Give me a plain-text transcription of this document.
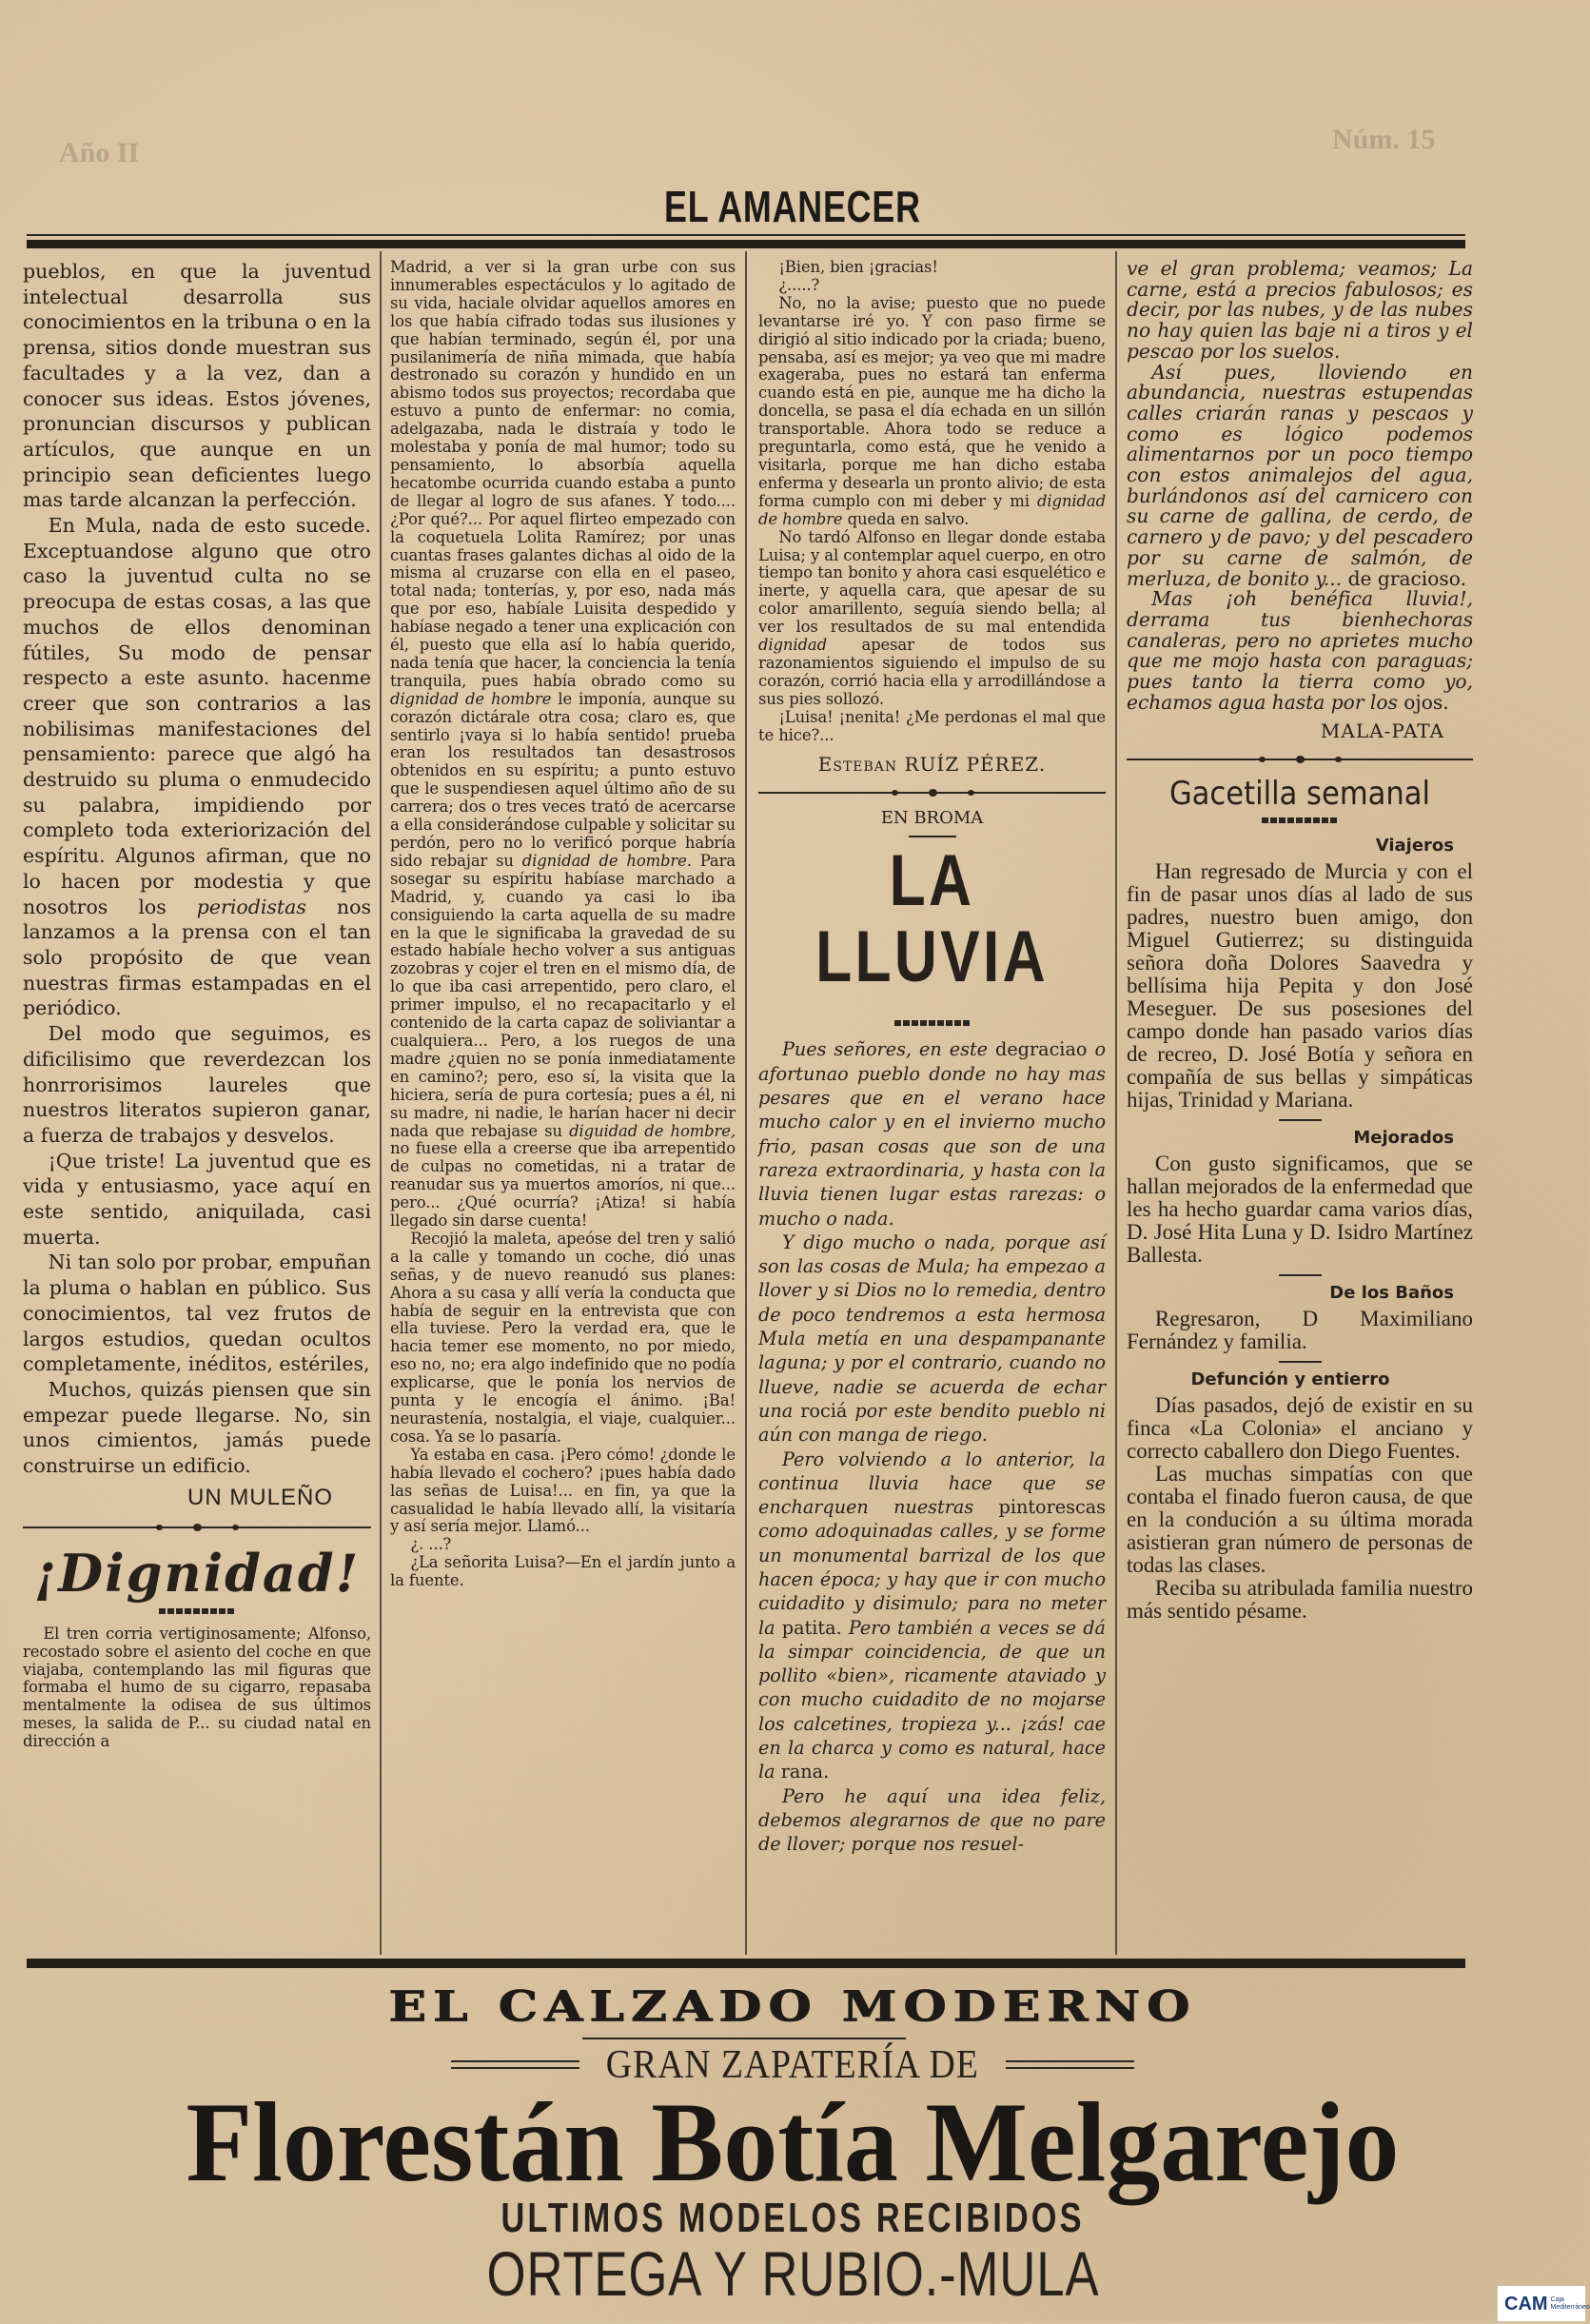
Año II	Núm. 15
EL AMANECER

pueblos, en que la juventud intelectual desarrolla sus conocimientos en la tribuna o en la prensa, sitios donde muestran sus facultades y a la vez, dan a conocer sus ideas. Estos jóvenes, pronuncian discursos y publican artículos, que aunque en un principio sean deficientes luego mas tarde alcanzan la perfección.

En Mula, nada de esto sucede. Exceptuandose alguno que otro caso la juventud culta no se preocupa de estas cosas, a las que muchos de ellos denominan fútiles, Su modo de pensar respecto a este asunto. hacenme creer que son contrarios a las nobilisimas manifestaciones del pensamiento: parece que algó ha destruido su pluma o enmudecido su palabra, impidiendo por completo toda exteriorización del espíritu. Algunos afirman, que no lo hacen por modestia y que nosotros los periodistas nos lanzamos a la prensa con el tan solo propósito de que vean nuestras firmas estampadas en el periódico.

Del modo que seguimos, es dificilisimo que reverdezcan los honrrorisimos laureles que nuestros literatos supieron ganar, a fuerza de trabajos y desvelos.

¡Que triste! La juventud que es vida y entusiasmo, yace aquí en este sentido, aniquilada, casi muerta.

Ni tan solo por probar, empuñan la pluma o hablan en público. Sus conocimientos, tal vez frutos de largos estudios, quedan ocultos completamente, inéditos, estériles,

Muchos, quizás piensen que sin empezar puede llegarse. No, sin unos cimientos, jamás puede construirse un edificio.

UN MULEÑO
¡Dignidad!

El tren corria vertiginosamente; Alfonso, recostado sobre el asiento del coche en que viajaba, contemplando las mil figuras que formaba el humo de su cigarro, repasaba mentalmente la odisea de sus últimos meses, la salida de P... su ciudad natal en dirección a

Madrid, a ver si la gran urbe con sus innumerables espectáculos y lo agitado de su vida, haciale olvidar aquellos amores en los que había cifrado todas sus ilusiones y que habían terminado, según él, por una pusilanimería de niña mimada, que había destronado su corazón y hundido en un abismo todos sus proyectos; recordaba que estuvo a punto de enfermar: no comia, adelgazaba, nada le distraía y todo le molestaba y ponía de mal humor; todo su pensamiento, lo absorbía aquella hecatombe ocurrida cuando estaba a punto de llegar al logro de sus afanes. Y todo.... ¿Por qué?... Por aquel flirteo empezado con la coquetuela Lolita Ramírez; por unas cuantas frases galantes dichas al oido de la misma al cruzarse con ella en el paseo, total nada; tonterías, y, por eso, nada más que por eso, habíale Luisita despedido y habíase negado a tener una explicación con él, puesto que ella así lo había querido, nada tenía que hacer, la conciencia la tenía tranquila, pues había obrado como su dignidad de hombre le imponía, aunque su corazón dictárale otra cosa; claro es, que sentirlo ¡vaya si lo había sentido! prueba eran los resultados tan desastrosos obtenidos en su espíritu; a punto estuvo que le suspendiesen aquel último año de su carrera; dos o tres veces trató de acercarse a ella considerándose culpable y solicitar su perdón, pero no lo verificó porque habría sido rebajar su dignidad de hombre. Para sosegar su espíritu habíase marchado a Madrid, y, cuando ya casi lo iba consiguiendo la carta aquella de su madre en la que le significaba la gravedad de su estado habíale hecho volver a sus antiguas zozobras y cojer el tren en el mismo día, de lo que iba casi arrepentido, pero claro, el primer impulso, el no recapacitarlo y el contenido de la carta capaz de soliviantar a cualquiera... Pero, a los ruegos de una madre ¿quien no se ponía inmediatamente en camino?; pero, eso sí, la visita que la hiciera, sería de pura cortesía; pues a él, ni su madre, ni nadie, le harían hacer ni decir nada que rebajase su diguidad de hombre, no fuese ella a creerse que iba arrepentido de culpas no cometidas, ni a tratar de reanudar sus ya muertos amoríos, ni que... pero... ¿Qué ocurría? ¡Atiza! si había llegado sin darse cuenta!

Recojió la maleta, apeóse del tren y salió a la calle y tomando un coche, dió unas señas, y de nuevo reanudó sus planes: Ahora a su casa y allí vería la conducta que había de seguir en la entrevista que con ella tuviese. Pero la verdad era, que le hacia temer ese momento, no por miedo, eso no, no; era algo indefinido que no podía explicarse, que le ponía los nervios de punta y le encogía el ánimo. ¡Ba! neurastenía, nostalgia, el viaje, cualquier... cosa. Ya se lo pasaría.

Ya estaba en casa. ¡Pero cómo! ¿donde le había llevado el cochero? ¡pues había dado las señas de Luisa!... en fin, ya que la casualidad le había llevado allí, la visitaría y así sería mejor. Llamó...

¿. ...?

¿La señorita Luisa?—En el jardín junto a la fuente.

¡Bien, bien ¡gracias!

¿.....?

No, no la avise; puesto que no puede levantarse iré yo. Y con paso firme se dirigió al sitio indicado por la criada; bueno, pensaba, así es mejor; ya veo que mi madre exageraba, pues no estará tan enferma cuando está en pie, aunque me ha dicho la doncella, se pasa el día echada en un sillón transportable. Ahora todo se reduce a preguntarla, como está, que he venido a visitarla, porque me han dicho estaba enferma y desearla un pronto alivio; de esta forma cumplo con mi deber y mi dignidad de hombre queda en salvo.

No tardó Alfonso en llegar donde estaba Luisa; y al contemplar aquel cuerpo, en otro tiempo tan bonito y ahora casi esquelético e inerte, y aquella cara, que apesar de su color amarillento, seguía siendo bella; al ver los resultados de su mal entendida dignidad apesar de todos sus razonamientos siguiendo el impulso de su corazón, corrió hacia ella y arrodillándose a sus pies sollozó.

¡Luisa! ¡nenita! ¿Me perdonas el mal que te hice?...

Esteban RUÍZ PÉREZ.
EN BROMA
LA LLUVIA

Pues señores, en este degraciao o afortunao pueblo donde no hay mas pesares que en el verano hace mucho calor y en el invierno mucho frio, pasan cosas que son de una rareza extraordinaria, y hasta con la lluvia tienen lugar estas rarezas: o mucho o nada.

Y digo mucho o nada, porque así son las cosas de Mula; ha empezao a llover y si Dios no lo remedia, dentro de poco tendremos a esta hermosa Mula metía en una despampanante laguna; y por el contrario, cuando no llueve, nadie se acuerda de echar una rociá por este bendito pueblo ni aún con manga de riego.

Pero volviendo a lo anterior, la continua lluvia hace que se encharquen nuestras pintorescas como adoquinadas calles, y se forme un monumental barrizal de los que hacen época; y hay que ir con mucho cuidadito y disimulo; para no meter la patita. Pero también a veces se dá la simpar coincidencia, de que un pollito «bien», ricamente ataviado y con mucho cuidadito de no mojarse los calcetines, tropieza y... ¡zás! cae en la charca y como es natural, hace la rana.

Pero he aquí una idea feliz, debemos alegrarnos de que no pare de llover; porque nos resuel-

ve el gran problema; veamos; La carne, está a precios fabulosos; es decir, por las nubes, y de las nubes no hay quien las baje ni a tiros y el pescao por los suelos.

Así pues, lloviendo en abundancia, nuestras estupendas calles criarán ranas y pescaos y como es lógico podemos alimentarnos por un poco tiempo con estos animalejos del agua, burlándonos así del carnicero con su carne de gallina, de cerdo, de carnero y de pavo; y del pescadero por su carne de salmón, de merluza, de bonito y... de gracioso.

Mas ¡oh benéfica lluvia!, derrama tus bienhechoras canaleras, pero no aprietes mucho que me mojo hasta con paraguas; pues tanto la tierra como yo, echamos agua hasta por los ojos.

MALA-PATA
Gacetilla semanal
Viajeros

Han regresado de Murcia y con el fin de pasar unos días al lado de sus padres, nuestro buen amigo, don Miguel Gutierrez; su distinguida señora doña Dolores Saavedra y bellísima hija Pepita y don José Meseguer. De sus posesiones del campo donde han pasado varios días de recreo, D. José Botía y señora en compañía de sus bellas y simpáticas hijas, Trinidad y Mariana.

Mejorados

Con gusto significamos, que se hallan mejorados de la enfermedad que les ha hecho guardar cama varios días, D. José Hita Luna y D. Isidro Martínez Ballesta.

De los Baños

Regresaron, D Maximiliano Fernández y familia.

Defunción y entierro

Días pasados, dejó de existir en su finca «La Colonia» el anciano y correcto caballero don Diego Fuentes.

Las muchas simpatías con que contaba el finado fueron causa, de que en la condución a su última morada asistieran gran número de personas de todas las clases.

Reciba su atribulada familia nuestro más sentido pésame.

EL CALZADO MODERNO
GRAN ZAPATERÍA DE
Florestán Botía Melgarejo
ULTIMOS MODELOS RECIBIDOS
ORTEGA Y RUBIO.-MULA	CAM Caja Mediterráneo
